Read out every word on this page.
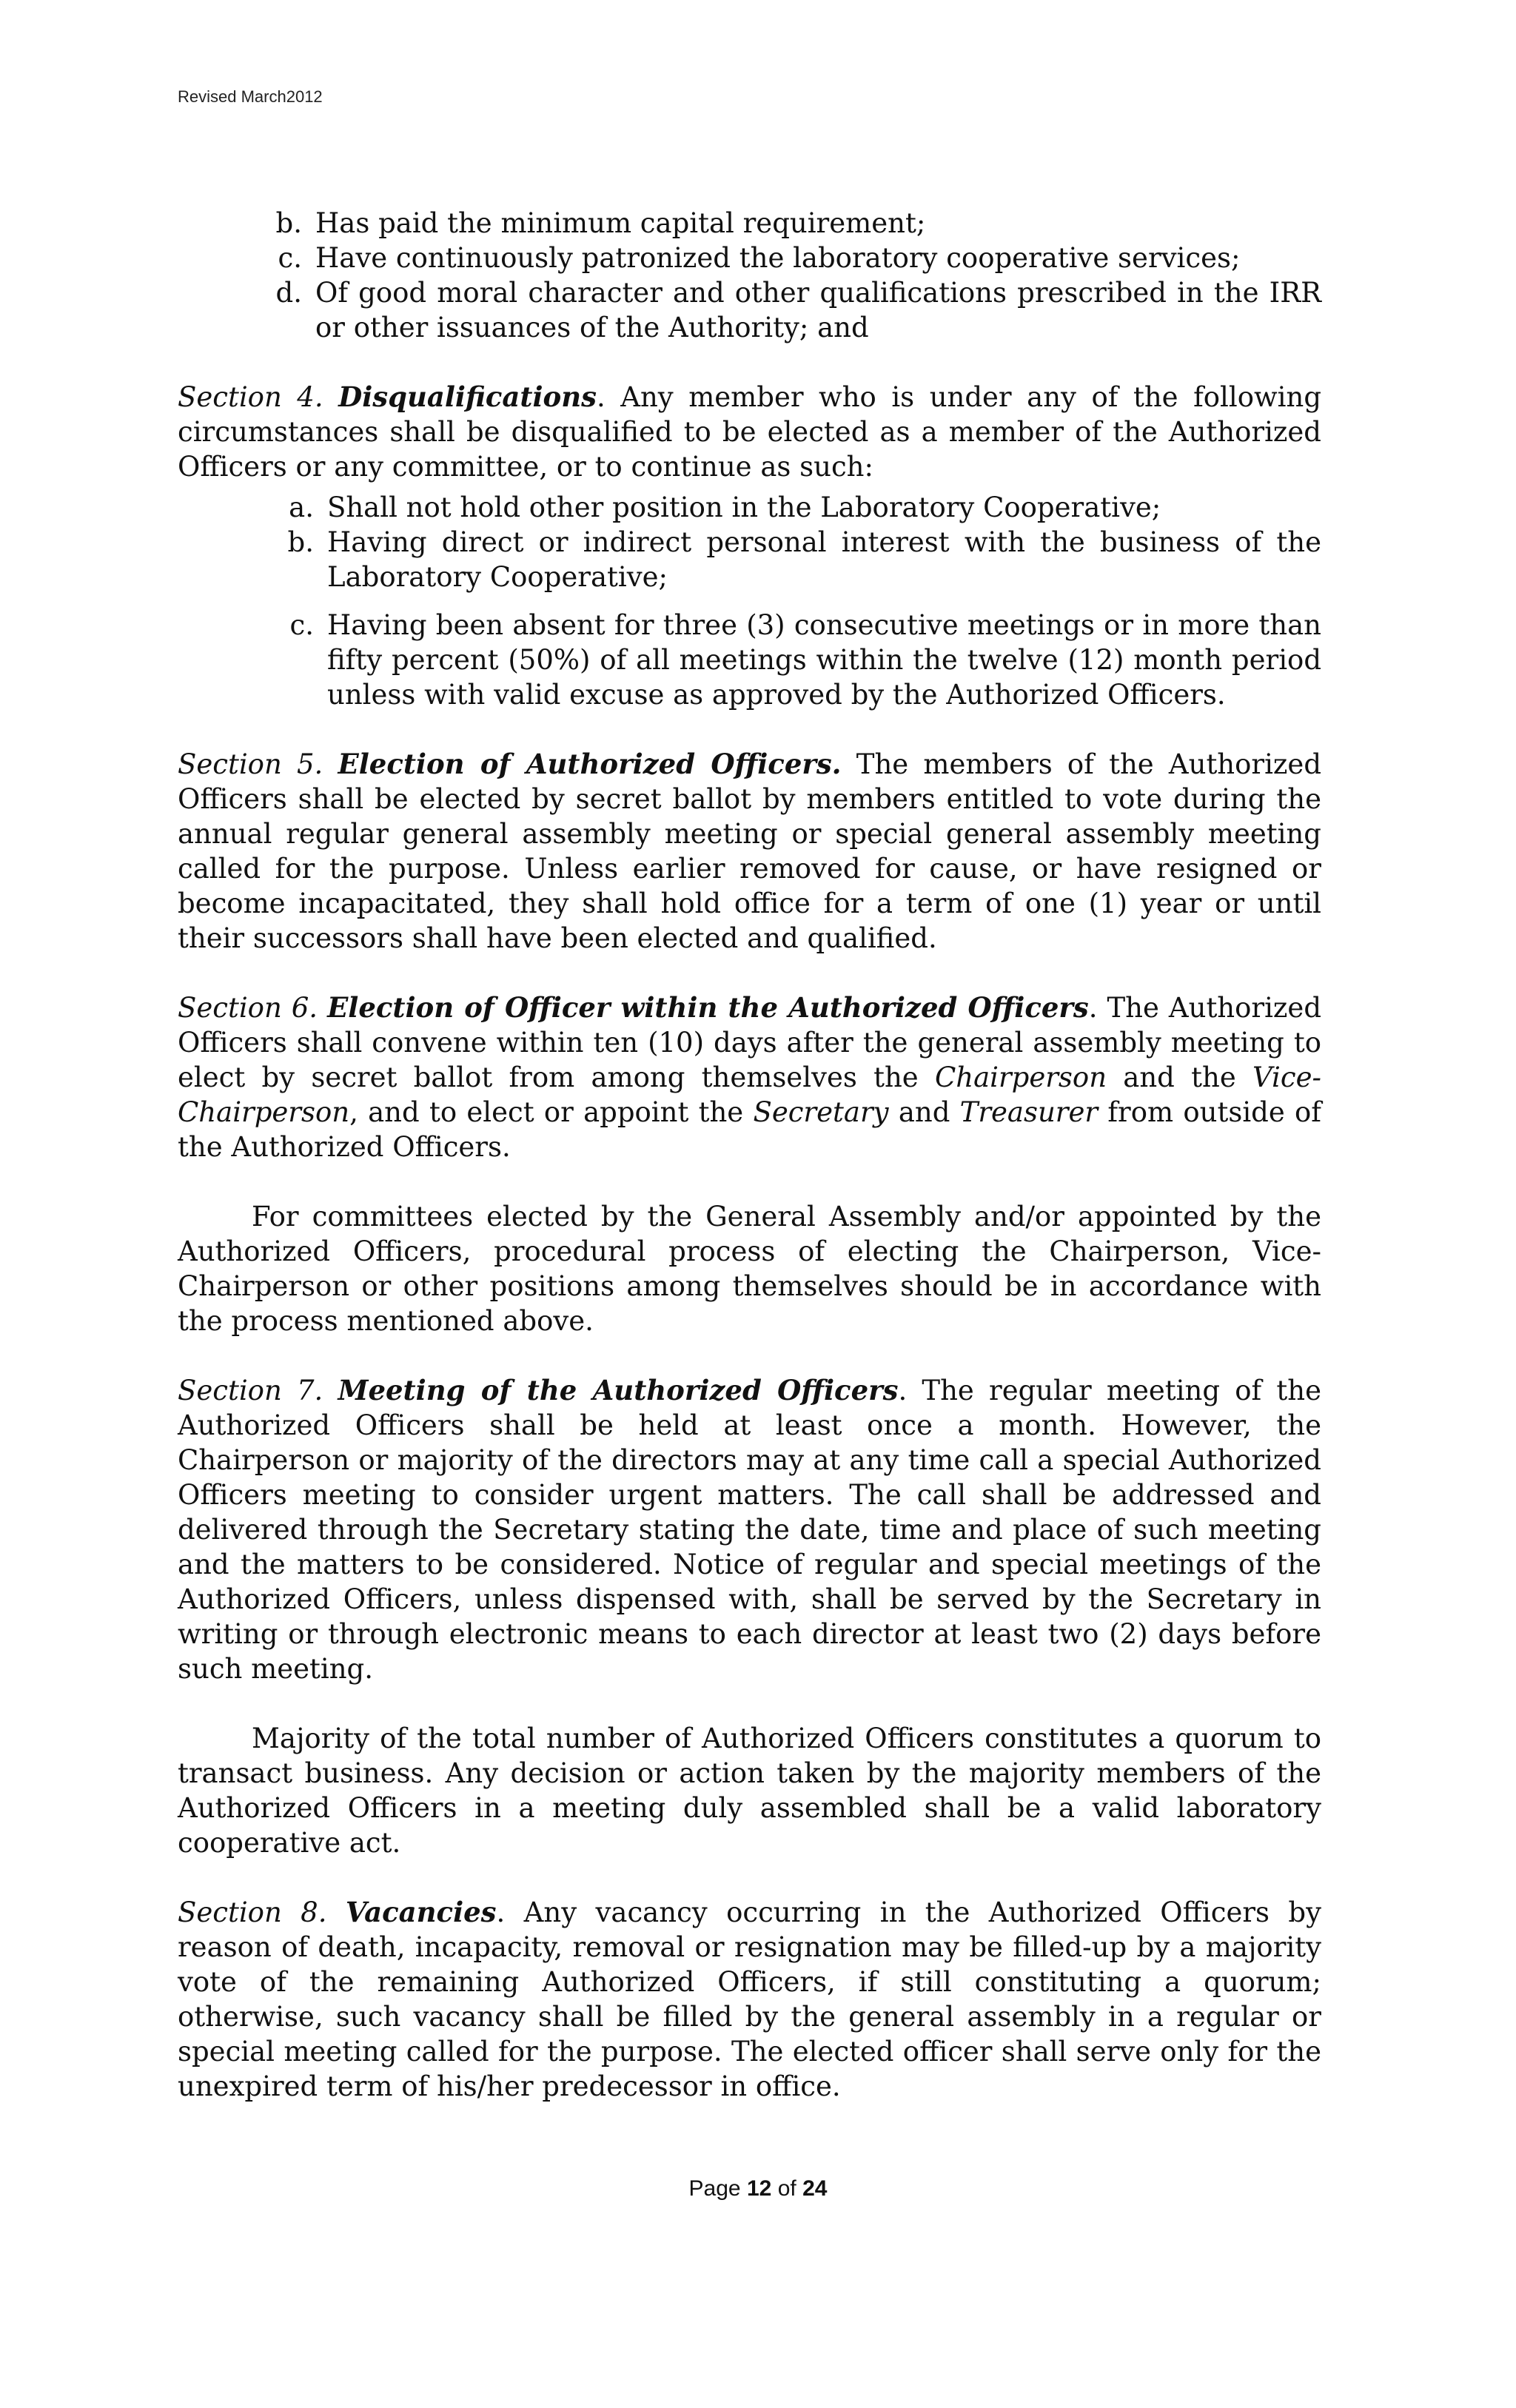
Revised March2012
b. Has paid the minimum capital requirement;
c. Have continuously patronized the laboratory cooperative services;
d. Of good moral character and other qualifications prescribed in the IRR or other issuances of the Authority; and

Section 4. Disqualifications. Any member who is under any of the following circumstances shall be disqualified to be elected as a member of the Authorized Officers or any committee, or to continue as such:

a. Shall not hold other position in the Laboratory Cooperative;
b. Having direct or indirect personal interest with the business of the Laboratory Cooperative;
c. Having been absent for three (3) consecutive meetings or in more than fifty percent (50%) of all meetings within the twelve (12) month period unless with valid excuse as approved by the Authorized Officers.

Section 5. Election of Authorized Officers. The members of the Authorized Officers shall be elected by secret ballot by members entitled to vote during the annual regular general assembly meeting or special general assembly meeting called for the purpose. Unless earlier removed for cause, or have resigned or become incapacitated, they shall hold office for a term of one (1) year or until their successors shall have been elected and qualified.

Section 6. Election of Officer within the Authorized Officers. The Authorized Officers shall convene within ten (10) days after the general assembly meeting to elect by secret ballot from among themselves the Chairperson and the Vice-Chairperson, and to elect or appoint the Secretary and Treasurer from outside of the Authorized Officers.

For committees elected by the General Assembly and/or appointed by the Authorized Officers, procedural process of electing the Chairperson, Vice-Chairperson or other positions among themselves should be in accordance with the process mentioned above.

Section 7. Meeting of the Authorized Officers. The regular meeting of the Authorized Officers shall be held at least once a month. However, the Chairperson or majority of the directors may at any time call a special Authorized Officers meeting to consider urgent matters. The call shall be addressed and delivered through the Secretary stating the date, time and place of such meeting and the matters to be considered. Notice of regular and special meetings of the Authorized Officers, unless dispensed with, shall be served by the Secretary in writing or through electronic means to each director at least two (2) days before such meeting.

Majority of the total number of Authorized Officers constitutes a quorum to transact business. Any decision or action taken by the majority members of the Authorized Officers in a meeting duly assembled shall be a valid laboratory cooperative act.

Section 8. Vacancies. Any vacancy occurring in the Authorized Officers by reason of death, incapacity, removal or resignation may be filled-up by a majority vote of the remaining Authorized Officers, if still constituting a quorum; otherwise, such vacancy shall be filled by the general assembly in a regular or special meeting called for the purpose. The elected officer shall serve only for the unexpired term of his/her predecessor in office.

Page 12 of 24
